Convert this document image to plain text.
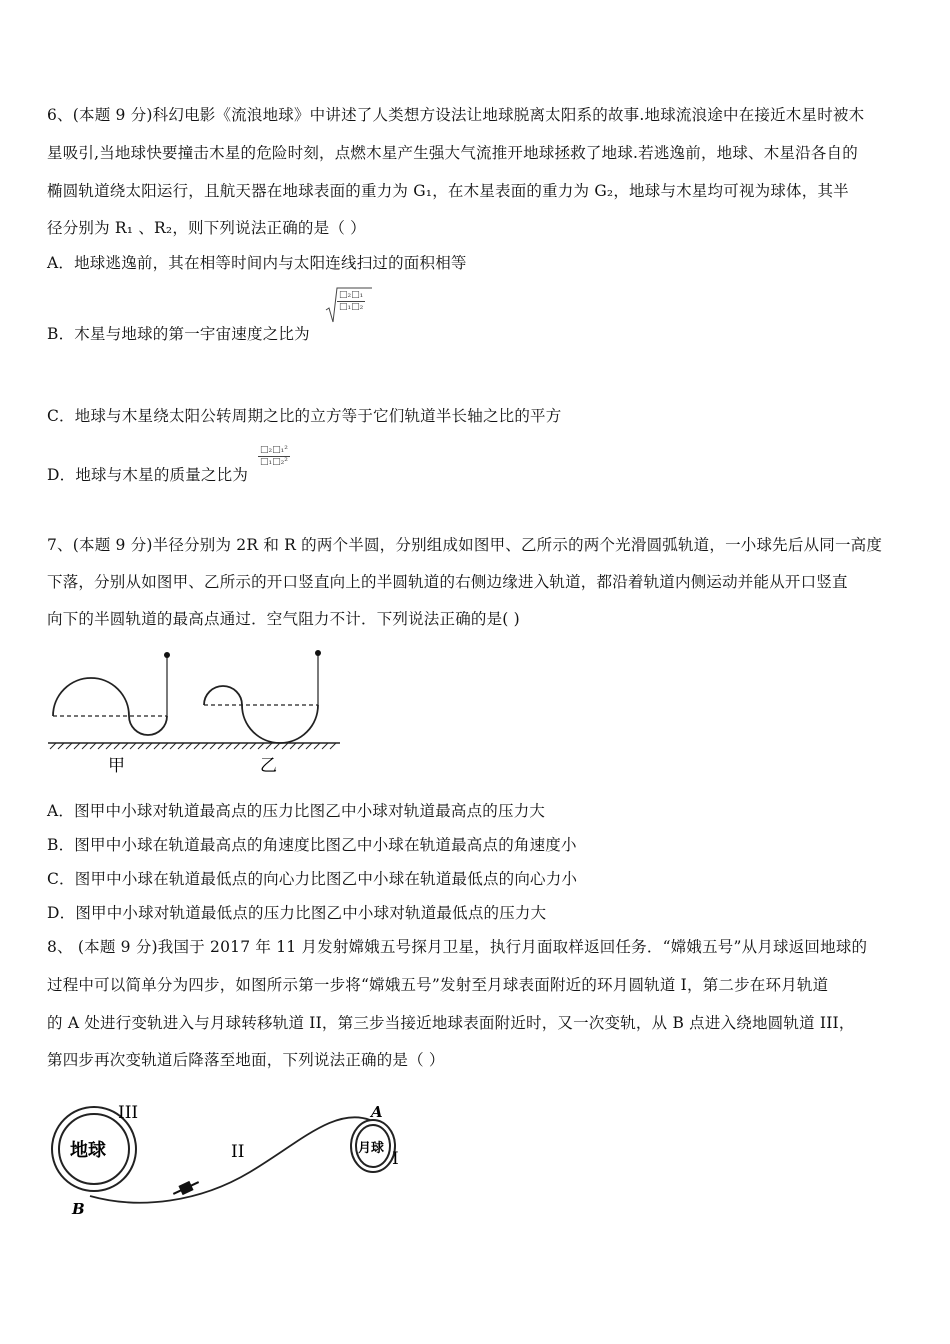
6、(本题 9 分)科幻电影《流浪地球》中讲述了人类想方设法让地球脱离太阳系的故事.地球流浪途中在接近木星时被木
星吸引,当地球快要撞击木星的危险时刻，点燃木星产生强大气流推开地球拯救了地球.若逃逸前，地球、木星沿各自的
椭圆轨道绕太阳运行，且航天器在地球表面的重力为 G₁，在木星表面的重力为 G₂，地球与木星均可视为球体，其半
径分别为 R₁ 、R₂，则下列说法正确的是（ ）
A．地球逃逸前，其在相等时间内与太阳连线扫过的面积相等
B．木星与地球的第一宇宙速度之比为
□₂□₁
□₁□₂
C．地球与木星绕太阳公转周期之比的立方等于它们轨道半长轴之比的平方
D．地球与木星的质量之比为
□₂□₁²
□₁□₂²
7、(本题 9 分)半径分别为 2R 和 R 的两个半圆，分别组成如图甲、乙所示的两个光滑圆弧轨道，一小球先后从同一高度
下落，分别从如图甲、乙所示的开口竖直向上的半圆轨道的右侧边缘进入轨道，都沿着轨道内侧运动并能从开口竖直
向下的半圆轨道的最高点通过．空气阻力不计．下列说法正确的是( )
甲	乙
A．图甲中小球对轨道最高点的压力比图乙中小球对轨道最高点的压力大
B．图甲中小球在轨道最高点的角速度比图乙中小球在轨道最高点的角速度小
C．图甲中小球在轨道最低点的向心力比图乙中小球在轨道最低点的向心力小
D．图甲中小球对轨道最低点的压力比图乙中小球对轨道最低点的压力大
8、 (本题 9 分)我国于 2017 年 11 月发射嫦娥五号探月卫星，执行月面取样返回任务．“嫦娥五号”从月球返回地球的
过程中可以简单分为四步，如图所示第一步将“嫦娥五号”发射至月球表面附近的环月圆轨道 I，第二步在环月轨道
的 A 处进行变轨进入与月球转移轨道 II，第三步当接近地球表面附近时，又一次变轨，从 B 点进入绕地圆轨道 III，
第四步再次变轨道后降落至地面，下列说法正确的是（ ）
地球
III
月球
I
II
A
B
